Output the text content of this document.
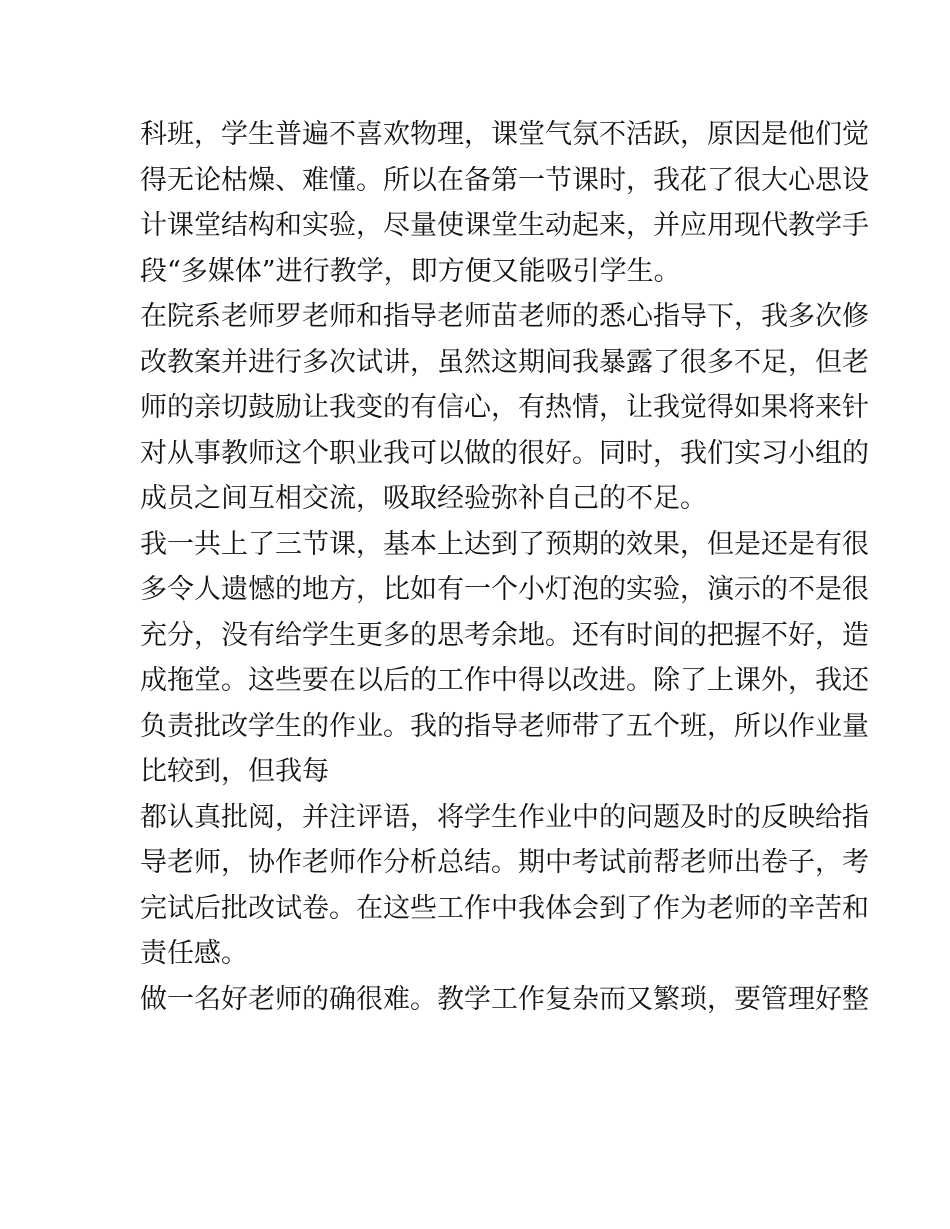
科班，学生普遍不喜欢物理，课堂气氛不活跃，原因是他们觉
得无论枯燥、难懂。所以在备第一节课时，我花了很大心思设
计课堂结构和实验，尽量使课堂生动起来，并应用现代教学手
段“多媒体”进行教学，即方便又能吸引学生。
在院系老师罗老师和指导老师苗老师的悉心指导下，我多次修
改教案并进行多次试讲，虽然这期间我暴露了很多不足，但老
师的亲切鼓励让我变的有信心，有热情，让我觉得如果将来针
对从事教师这个职业我可以做的很好。同时，我们实习小组的
成员之间互相交流，吸取经验弥补自己的不足。
我一共上了三节课，基本上达到了预期的效果，但是还是有很
多令人遗憾的地方，比如有一个小灯泡的实验，演示的不是很
充分，没有给学生更多的思考余地。还有时间的把握不好，造
成拖堂。这些要在以后的工作中得以改进。除了上课外，我还
负责批改学生的作业。我的指导老师带了五个班，所以作业量
比较到，但我每
都认真批阅，并注评语，将学生作业中的问题及时的反映给指
导老师，协作老师作分析总结。期中考试前帮老师出卷子，考
完试后批改试卷。在这些工作中我体会到了作为老师的辛苦和
责任感。
做一名好老师的确很难。教学工作复杂而又繁琐，要管理好整
